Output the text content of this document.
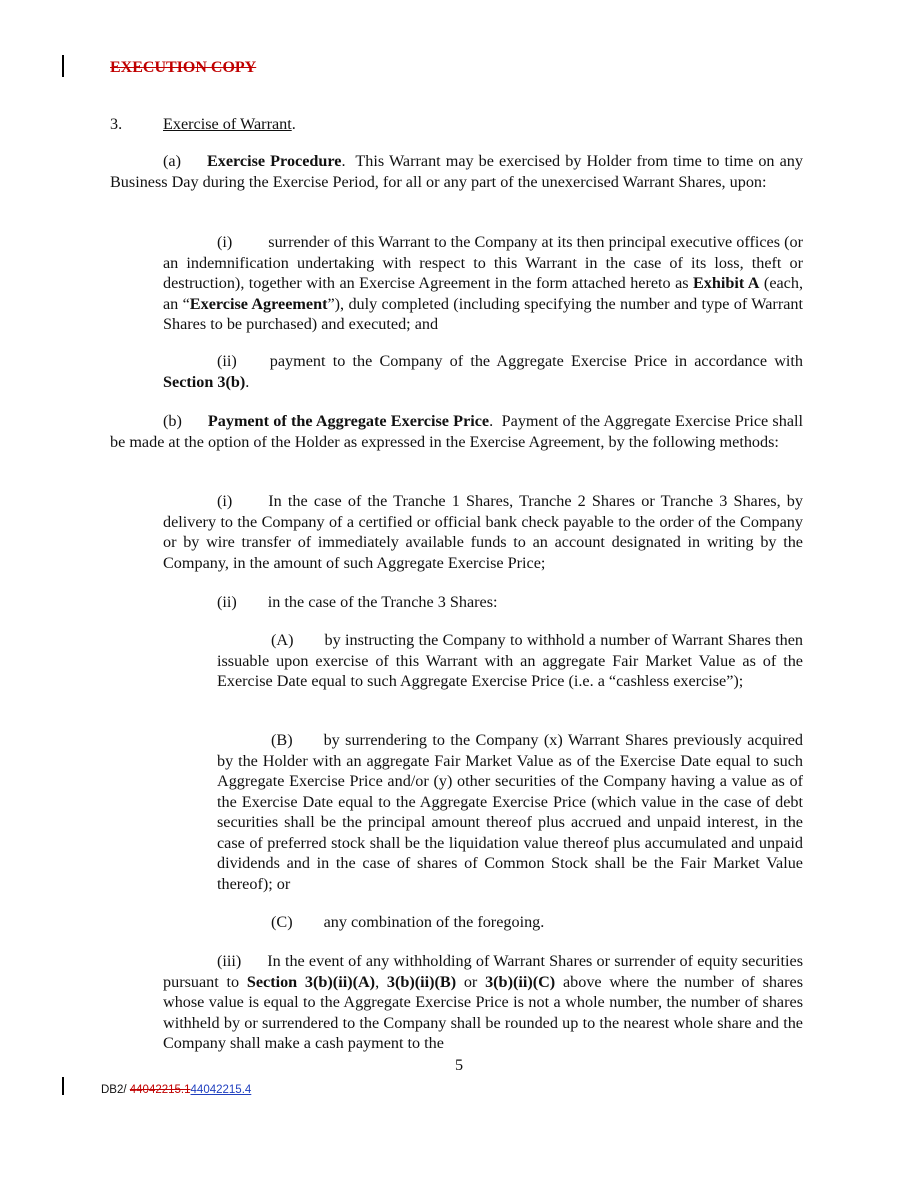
EXECUTION COPY
3.	Exercise of Warrant.
(a) Exercise Procedure. This Warrant may be exercised by Holder from time to time on any Business Day during the Exercise Period, for all or any part of the unexercised Warrant Shares, upon:
(i) surrender of this Warrant to the Company at its then principal executive offices (or an indemnification undertaking with respect to this Warrant in the case of its loss, theft or destruction), together with an Exercise Agreement in the form attached hereto as Exhibit A (each, an “Exercise Agreement”), duly completed (including specifying the number and type of Warrant Shares to be purchased) and executed; and
(ii) payment to the Company of the Aggregate Exercise Price in accordance with Section 3(b).
(b) Payment of the Aggregate Exercise Price. Payment of the Aggregate Exercise Price shall be made at the option of the Holder as expressed in the Exercise Agreement, by the following methods:
(i) In the case of the Tranche 1 Shares, Tranche 2 Shares or Tranche 3 Shares, by delivery to the Company of a certified or official bank check payable to the order of the Company or by wire transfer of immediately available funds to an account designated in writing by the Company, in the amount of such Aggregate Exercise Price;
(ii) in the case of the Tranche 3 Shares:
(A) by instructing the Company to withhold a number of Warrant Shares then issuable upon exercise of this Warrant with an aggregate Fair Market Value as of the Exercise Date equal to such Aggregate Exercise Price (i.e. a “cashless exercise”);
(B) by surrendering to the Company (x) Warrant Shares previously acquired by the Holder with an aggregate Fair Market Value as of the Exercise Date equal to such Aggregate Exercise Price and/or (y) other securities of the Company having a value as of the Exercise Date equal to the Aggregate Exercise Price (which value in the case of debt securities shall be the principal amount thereof plus accrued and unpaid interest, in the case of preferred stock shall be the liquidation value thereof plus accumulated and unpaid dividends and in the case of shares of Common Stock shall be the Fair Market Value thereof); or
(C) any combination of the foregoing.
(iii) In the event of any withholding of Warrant Shares or surrender of equity securities pursuant to Section 3(b)(ii)(A), 3(b)(ii)(B) or 3(b)(ii)(C) above where the number of shares whose value is equal to the Aggregate Exercise Price is not a whole number, the number of shares withheld by or surrendered to the Company shall be rounded up to the nearest whole share and the Company shall make a cash payment to the
5
DB2/ 44042215.144042215.4
